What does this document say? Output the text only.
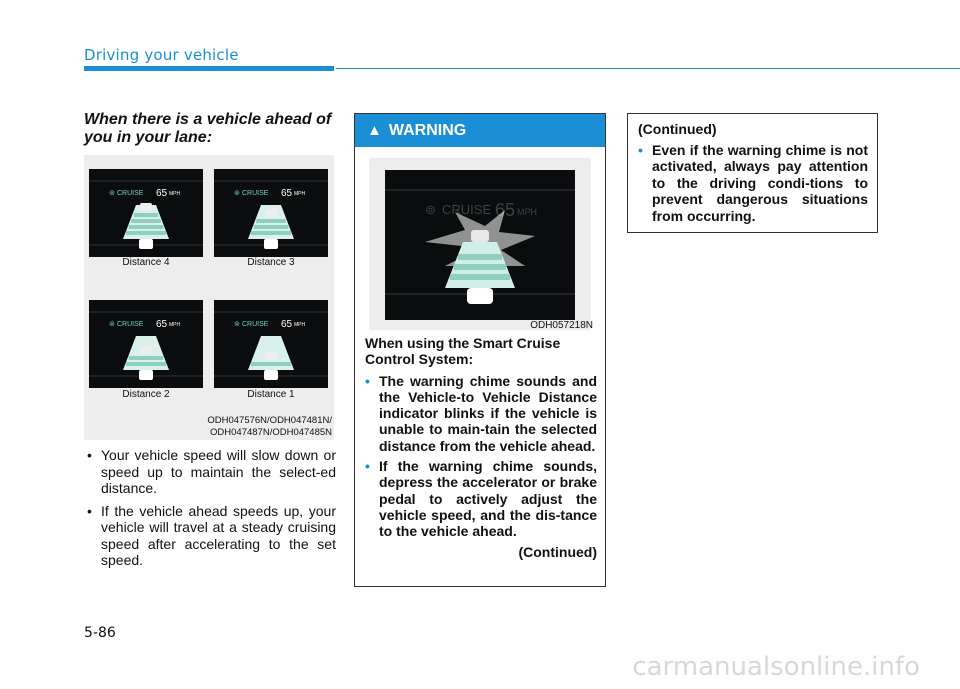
Driving your vehicle
When there is a vehicle ahead of you in your lane:
⊚ CRUISE 65 MPH
Distance 4
⊚ CRUISE 65 MPH
Distance 3
⊚ CRUISE 65 MPH
Distance 2
⊚ CRUISE 65 MPH
Distance 1
ODH047576N/ODH047481N/
ODH047487N/ODH047485N
• Your vehicle speed will slow down or speed up to maintain the select-ed distance.
• If the vehicle ahead speeds up, your vehicle will travel at a steady cruising speed after accelerating to the set speed.
▲ WARNING
⊚ CRUISE 65 MPH
ODH057218N
When using the Smart Cruise Control System:
• The warning chime sounds and the Vehicle-to Vehicle Distance indicator blinks if the vehicle is unable to main-tain the selected distance from the vehicle ahead.
• If the warning chime sounds, depress the accelerator or brake pedal to actively adjust the vehicle speed, and the dis-tance to the vehicle ahead.
(Continued)
(Continued)
• Even if the warning chime is not activated, always pay attention to the driving condi-tions to prevent dangerous situations from occurring.
5-86
carmanualsonline.info
